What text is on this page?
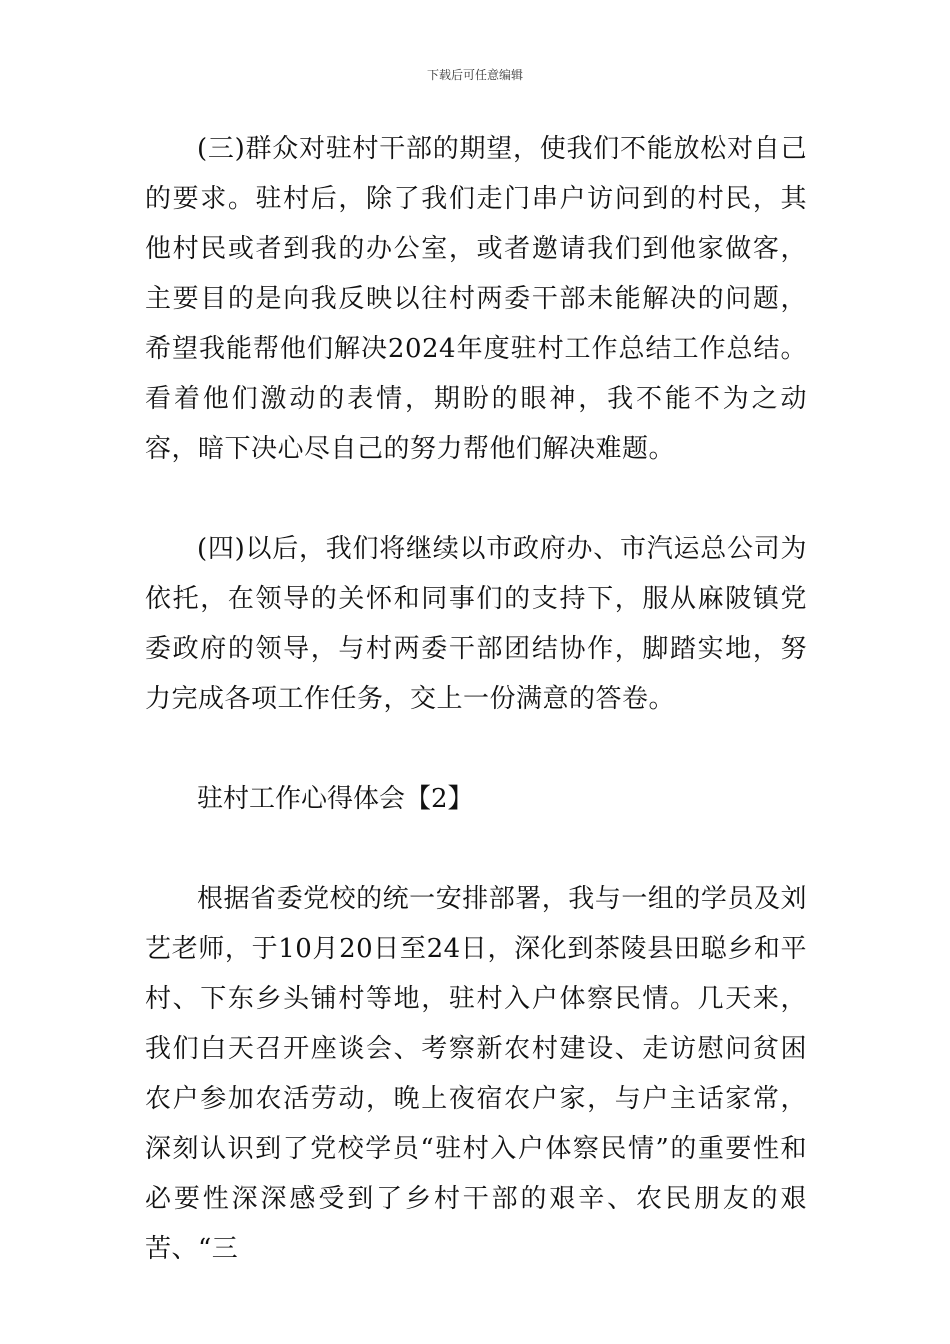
下载后可任意编辑

(三)群众对驻村干部的期望，使我们不能放松对自己的要求。驻村后，除了我们走门串户访问到的村民，其他村民或者到我的办公室，或者邀请我们到他家做客，主要目的是向我反映以往村两委干部未能解决的问题，希望我能帮他们解决2024年度驻村工作总结工作总结。看着他们激动的表情，期盼的眼神，我不能不为之动容，暗下决心尽自己的努力帮他们解决难题。

(四)以后，我们将继续以市政府办、市汽运总公司为依托，在领导的关怀和同事们的支持下，服从麻陂镇党委政府的领导，与村两委干部团结协作，脚踏实地，努力完成各项工作任务，交上一份满意的答卷。

驻村工作心得体会【2】

根据省委党校的统一安排部署，我与一组的学员及刘艺老师，于10月20日至24日，深化到茶陵县田聪乡和平村、下东乡头铺村等地，驻村入户体察民情。几天来，我们白天召开座谈会、考察新农村建设、走访慰问贫困农户参加农活劳动，晚上夜宿农户家，与户主话家常，深刻认识到了党校学员“驻村入户体察民情”的重要性和必要性深深感受到了乡村干部的艰辛、农民朋友的艰苦、“三
